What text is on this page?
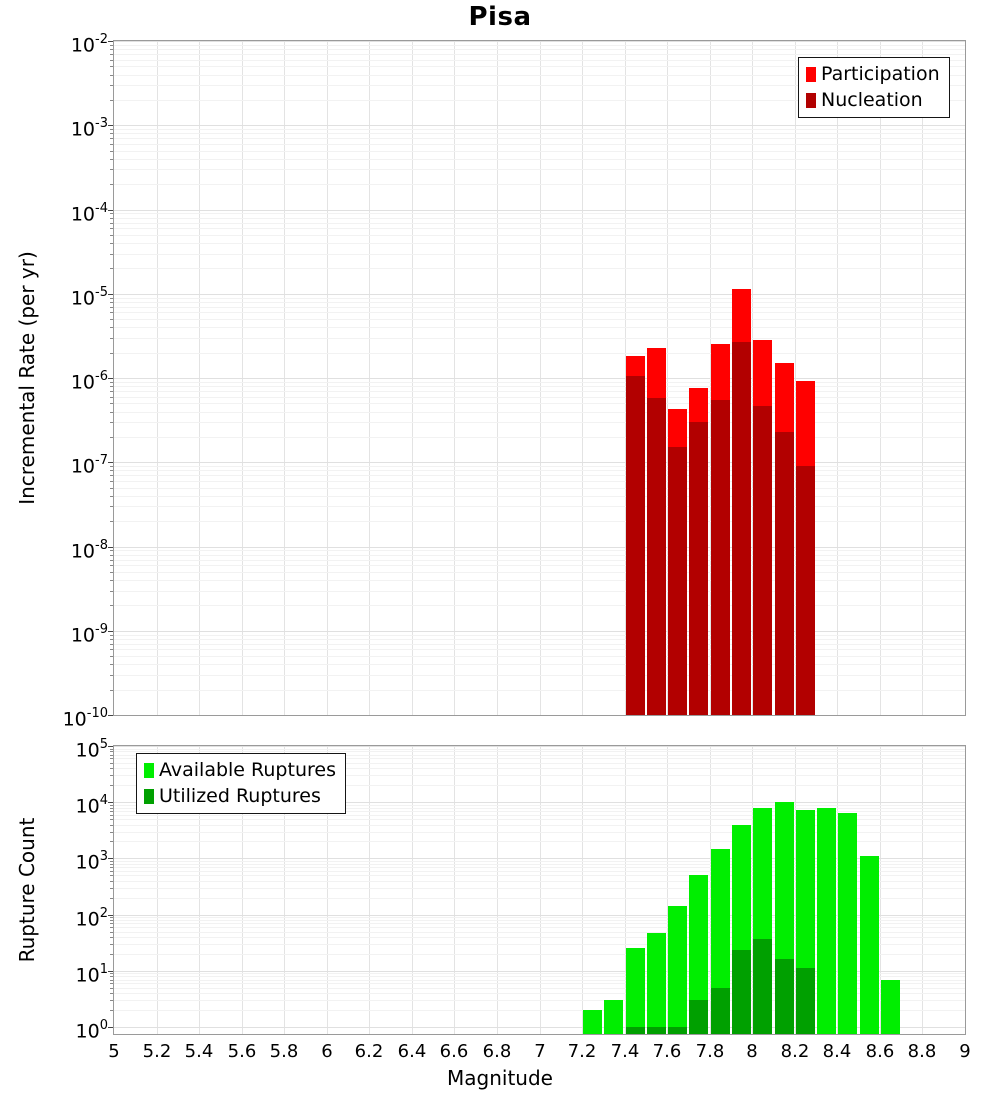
Pisa
Incremental Rate (per yr)
Rupture Count
Participation
Nucleation
Available Ruptures
Utilized Ruptures
$10^{-2}$
$10^{-3}$
$10^{-4}$
$10^{-5}$
$10^{-6}$
$10^{-7}$
$10^{-8}$
$10^{-9}$
$10^{-10}$
$10^5$
$10^4$
$10^3$
$10^2$
$10^1$
$10^0$
5 5.2 5.4 5.6 5.8 6 6.2 6.4 6.6 6.8 7 7.2 7.4 7.6 7.8 8 8.2 8.4 8.6 8.8 9
Magnitude
